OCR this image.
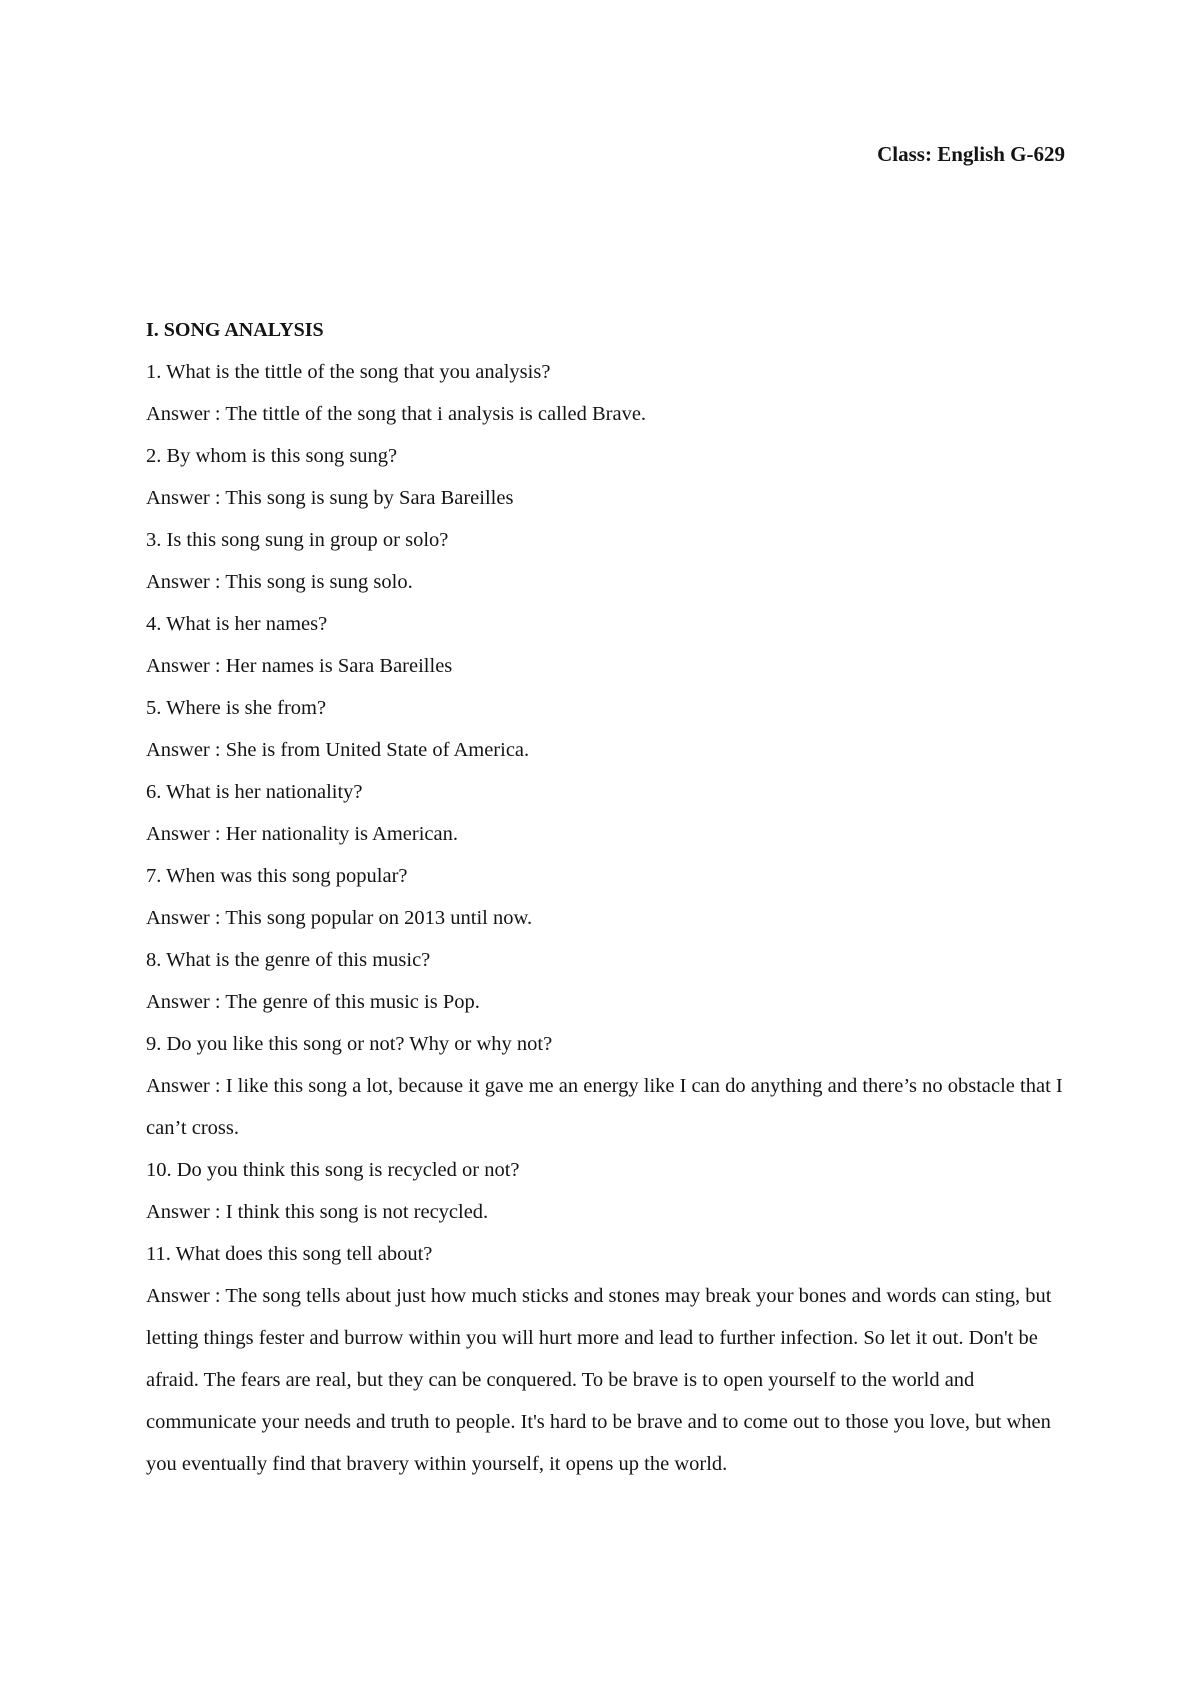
Class: English G-629
I. SONG ANALYSIS

1. What is the tittle of the song that you analysis?

Answer : The tittle of the song that i analysis is called Brave.

2. By whom is this song sung?

Answer : This song is sung by Sara Bareilles

3. Is this song sung in group or solo?

Answer : This song is sung solo.

4. What is her names?

Answer : Her names is Sara Bareilles

5. Where is she from?

Answer : She is from United State of America.

6. What is her nationality?

Answer : Her nationality is American.

7. When was this song popular?

Answer : This song popular on 2013 until now.

8. What is the genre of this music?

Answer : The genre of this music is Pop.

9. Do you like this song or not? Why or why not?

Answer : I like this song a lot, because it gave me an energy like I can do anything and there’s no obstacle that I can’t cross.

10. Do you think this song is recycled or not?

Answer : I think this song is not recycled.

11. What does this song tell about?

Answer : The song tells about just how much sticks and stones may break your bones and words can sting, but letting things fester and burrow within you will hurt more and lead to further infection. So let it out. Don't be afraid. The fears are real, but they can be conquered. To be brave is to open yourself to the world and communicate your needs and truth to people. It's hard to be brave and to come out to those you love, but when you eventually find that bravery within yourself, it opens up the world.
